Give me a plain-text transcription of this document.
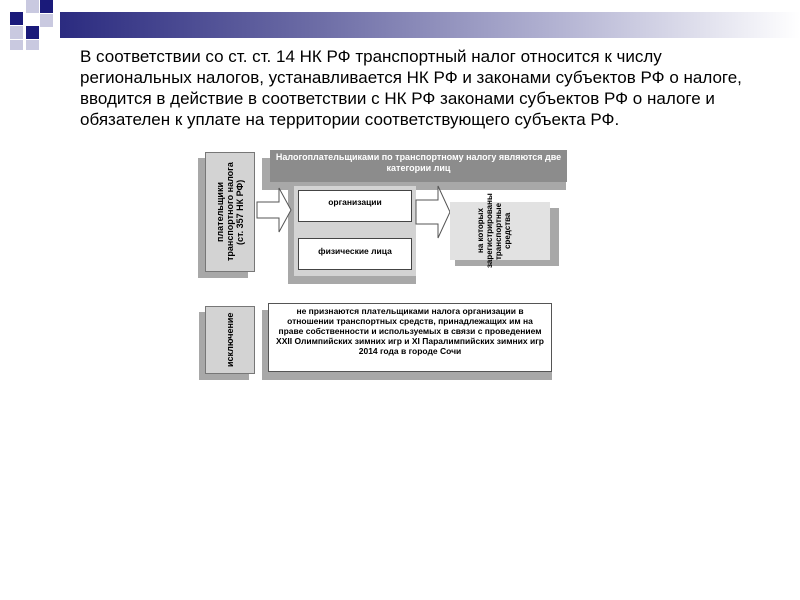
В соответствии со ст. ст. 14 НК РФ транспортный налог относится к числу региональных налогов, устанавливается НК РФ и законами субъектов РФ о налоге, вводится в действие в соответствии с НК РФ законами субъектов РФ о налоге и обязателен к уплате на территории соответствующего субъекта РФ.
плательщики транспортного налога (ст. 357 НК РФ)
Налогоплательщиками по транспортному налогу являются две категории лиц
организации
физические лица	на которых зарегистрированы транспортные средства
исключение
не признаются плательщиками налога организации в отношении транспортных средств, принадлежащих им на праве собственности и используемых в связи с проведением XXII Олимпийских зимних игр и XI Паралимпийских зимних игр 2014 года в городе Сочи
